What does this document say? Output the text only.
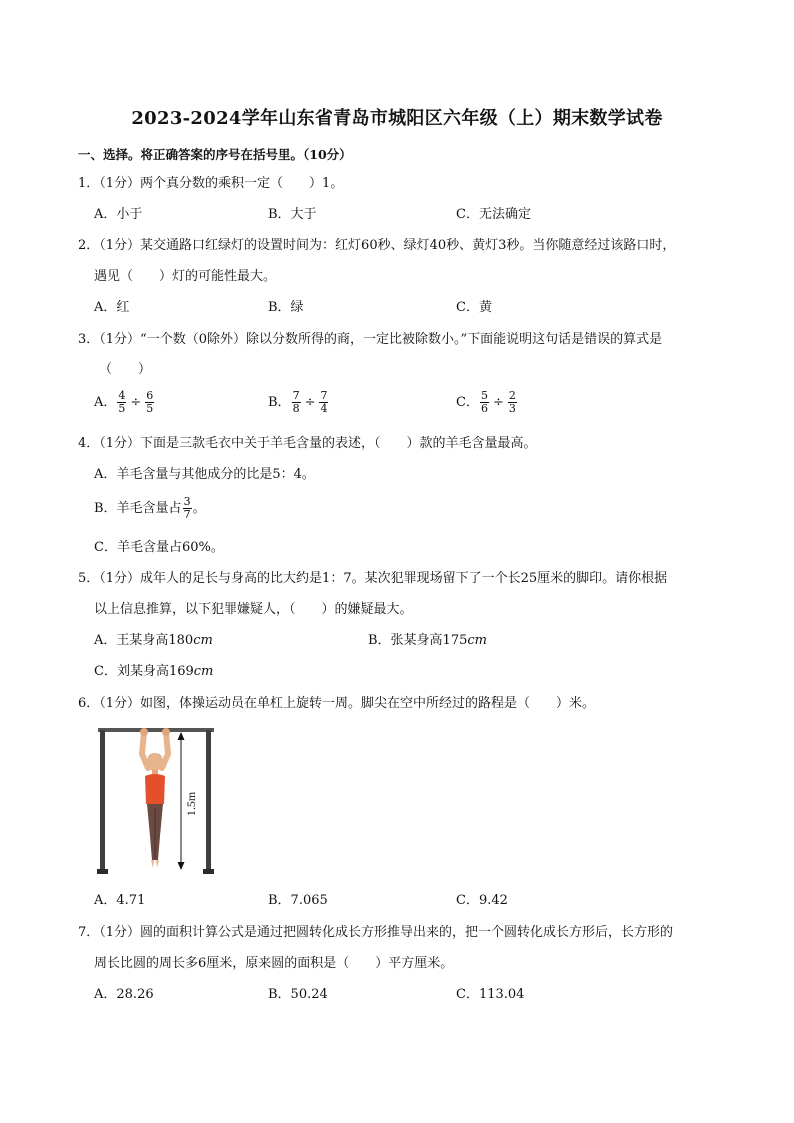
2023-2024学年山东省青岛市城阳区六年级（上）期末数学试卷
一、选择。将正确答案的序号在括号里。（10分）
1．（1分）两个真分数的乘积一定（　　）1。
A．小于	B．大于	C．无法确定
2．（1分）某交通路口红绿灯的设置时间为：红灯60秒、绿灯40秒、黄灯3秒。当你随意经过该路口时，
遇见（　　）灯的可能性最大。
A．红	B．绿	C．黄
3．（1分）“一个数（0除外）除以分数所得的商，一定比被除数小。”下面能说明这句话是错误的算式是
（　　）
A． $\frac{4}{5} \div \frac{6}{5}$	B． $\frac{7}{8} \div \frac{7}{4}$	C． $\frac{5}{6} \div \frac{2}{3}$
4．（1分）下面是三款毛衣中关于羊毛含量的表述，（　　）款的羊毛含量最高。
A．羊毛含量与其他成分的比是5：4。
B．羊毛含量占 $\frac{3}{7}$ 。
C．羊毛含量占60%。
5．（1分）成年人的足长与身高的比大约是1：7。某次犯罪现场留下了一个长25厘米的脚印。请你根据
以上信息推算，以下犯罪嫌疑人，（　　）的嫌疑最大。
A．王某身高180cm	B．张某身高175cm
C．刘某身高169cm
6．（1分）如图，体操运动员在单杠上旋转一周。脚尖在空中所经过的路程是（　　）米。
1.5m
A．4.71	B．7.065	C．9.42
7．（1分）圆的面积计算公式是通过把圆转化成长方形推导出来的，把一个圆转化成长方形后，长方形的
周长比圆的周长多6厘米，原来圆的面积是（　　）平方厘米。
A．28.26	B．50.24	C．113.04
